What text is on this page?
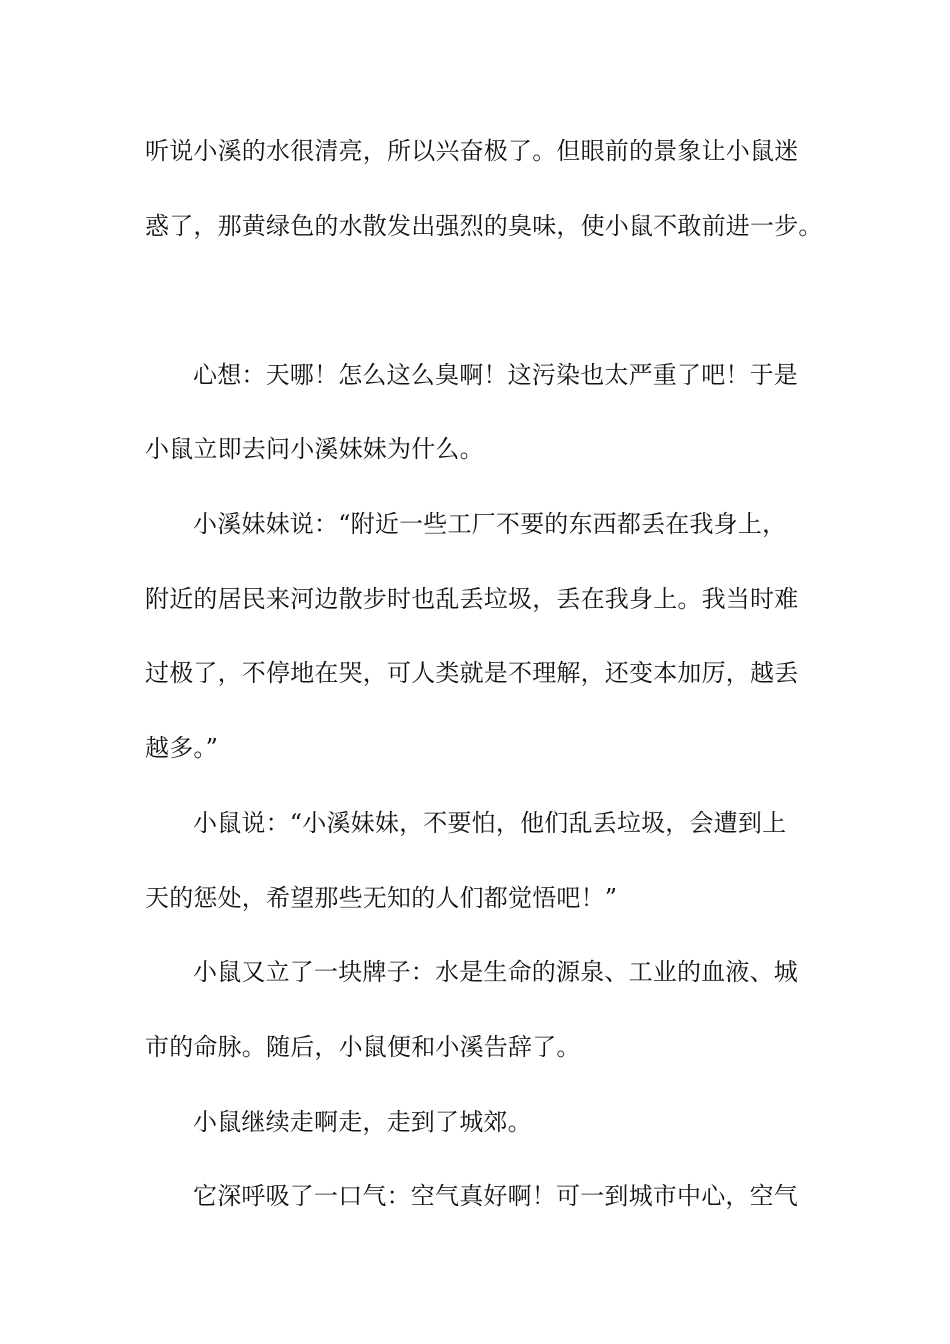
听说小溪的水很清亮，所以兴奋极了。但眼前的景象让小鼠迷

惑了，那黄绿色的水散发出强烈的臭味，使小鼠不敢前进一步。

心想：天哪！怎么这么臭啊！这污染也太严重了吧！于是

小鼠立即去问小溪妹妹为什么。

小溪妹妹说：“附近一些工厂不要的东西都丢在我身上，

附近的居民来河边散步时也乱丢垃圾，丢在我身上。我当时难

过极了，不停地在哭，可人类就是不理解，还变本加厉，越丢

越多。”

小鼠说：“小溪妹妹，不要怕，他们乱丢垃圾，会遭到上

天的惩处，希望那些无知的人们都觉悟吧！”

小鼠又立了一块牌子：水是生命的源泉、工业的血液、城

市的命脉。随后，小鼠便和小溪告辞了。

小鼠继续走啊走，走到了城郊。

它深呼吸了一口气：空气真好啊！可一到城市中心，空气
